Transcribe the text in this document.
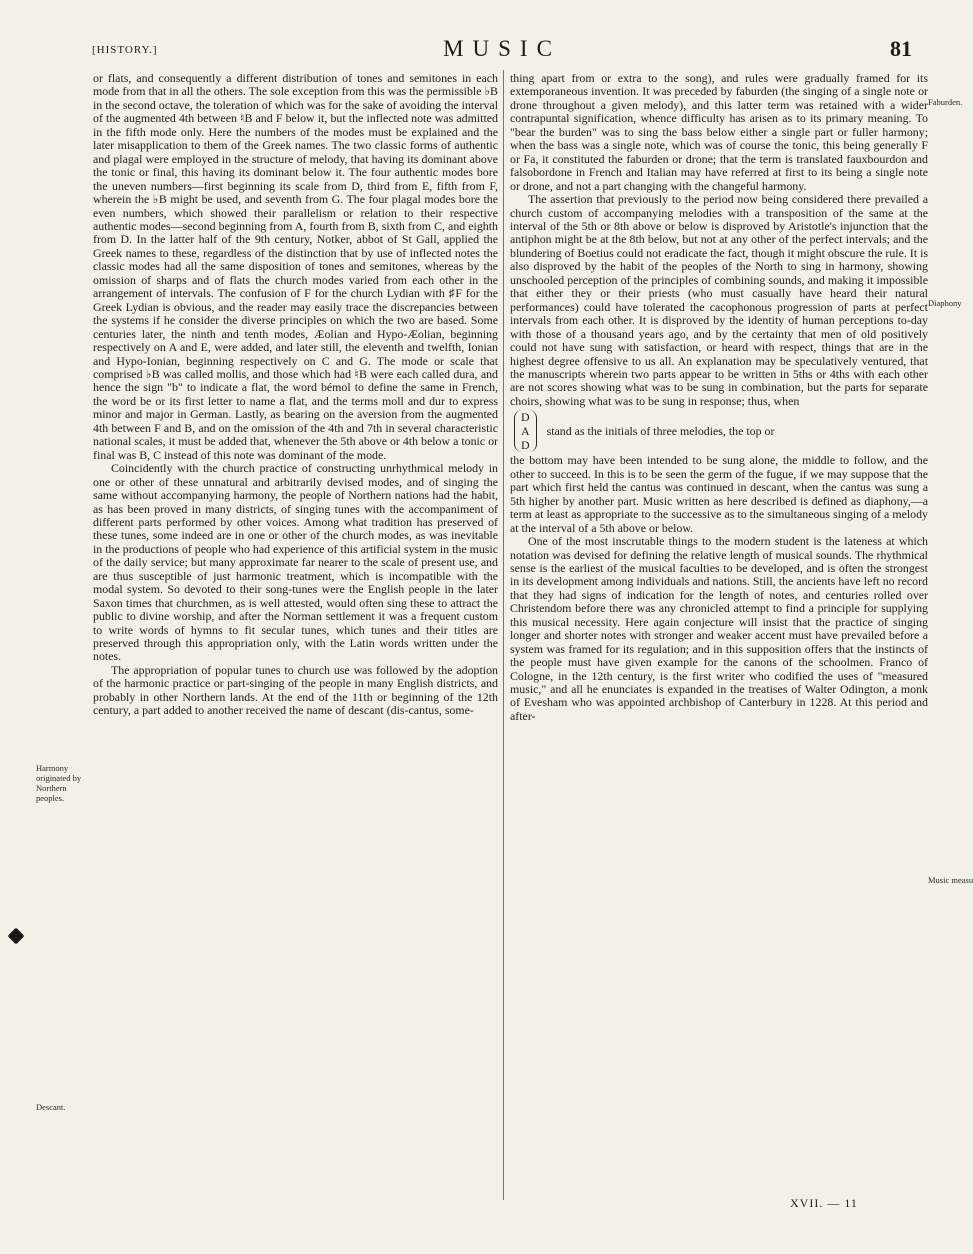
[HISTORY.]	MUSIC	81

or flats, and consequently a different distribution of tones and semitones in each mode from that in all the others. The sole exception from this was the permissible ♭B in the second octave, the toleration of which was for the sake of avoiding the interval of the augmented 4th between ♮B and F below it, but the inflected note was admitted in the fifth mode only. Here the numbers of the modes must be explained and the later misapplication to them of the Greek names. The two classic forms of authentic and plagal were employed in the structure of melody, that having its dominant above the tonic or final, this having its dominant below it. The four authentic modes bore the uneven numbers—first beginning its scale from D, third from E, fifth from F, wherein the ♭B might be used, and seventh from G. The four plagal modes bore the even numbers, which showed their parallelism or relation to their respective authentic modes—second beginning from A, fourth from B, sixth from C, and eighth from D. In the latter half of the 9th century, Notker, abbot of St Gall, applied the Greek names to these, regardless of the distinction that by use of inflected notes the classic modes had all the same disposition of tones and semitones, whereas by the omission of sharps and of flats the church modes varied from each other in the arrangement of intervals. The confusion of F for the church Lydian with ♯F for the Greek Lydian is obvious, and the reader may easily trace the discrepancies between the systems if he consider the diverse principles on which the two are based. Some centuries later, the ninth and tenth modes, Æolian and Hypo-Æolian, beginning respectively on A and E, were added, and later still, the eleventh and twelfth, Ionian and Hypo-Ionian, beginning respectively on C and G. The mode or scale that comprised ♭B was called mollis, and those which had ♮B were each called dura, and hence the sign "b" to indicate a flat, the word bémol to define the same in French, the word be or its first letter to name a flat, and the terms moll and dur to express minor and major in German. Lastly, as bearing on the aversion from the augmented 4th between F and B, and on the omission of the 4th and 7th in several characteristic national scales, it must be added that, whenever the 5th above or 4th below a tonic or final was B, C instead of this note was dominant of the mode.

Coincidently with the church practice of constructing unrhythmical melody in one or other of these unnatural and arbitrarily devised modes, and of singing the same without accompanying harmony, the people of Northern nations had the habit, as has been proved in many districts, of singing tunes with the accompaniment of different parts performed by other voices. Among what tradition has preserved of these tunes, some indeed are in one or other of the church modes, as was inevitable in the productions of people who had experience of this artificial system in the music of the daily service; but many approximate far nearer to the scale of present use, and are thus susceptible of just harmonic treatment, which is incompatible with the modal system. So devoted to their song-tunes were the English people in the later Saxon times that churchmen, as is well attested, would often sing these to attract the public to divine worship, and after the Norman settlement it was a frequent custom to write words of hymns to fit secular tunes, which tunes and their titles are preserved through this appropriation only, with the Latin words written under the notes.

The appropriation of popular tunes to church use was followed by the adoption of the harmonic practice or part-singing of the people in many English districts, and probably in other Northern lands. At the end of the 11th or beginning of the 12th century, a part added to another received the name of descant (dis-cantus, some-

thing apart from or extra to the song), and rules were gradually framed for its extemporaneous invention. It was preceded by faburden (the singing of a single note or drone throughout a given melody), and this latter term was retained with a wider contrapuntal signification, whence difficulty has arisen as to its primary meaning. To "bear the burden" was to sing the bass below either a single part or fuller harmony; when the bass was a single note, which was of course the tonic, this being generally F or Fa, it constituted the faburden or drone; that the term is translated fauxbourdon and falsobordone in French and Italian may have referred at first to its being a single note or drone, and not a part changing with the changeful harmony.

The assertion that previously to the period now being considered there prevailed a church custom of accompanying melodies with a transposition of the same at the interval of the 5th or 8th above or below is disproved by Aristotle's injunction that the antiphon might be at the 8th below, but not at any other of the perfect intervals; and the blundering of Boetius could not eradicate the fact, though it might obscure the rule. It is also disproved by the habit of the peoples of the North to sing in harmony, showing unschooled perception of the principles of combining sounds, and making it impossible that either they or their priests (who must casually have heard their natural performances) could have tolerated the cacophonous progression of parts at perfect intervals from each other. It is disproved by the identity of human perceptions to-day with those of a thousand years ago, and by the certainty that men of old positively could not have sung with satisfaction, or heard with respect, things that are in the highest degree offensive to us all. An explanation may be speculatively ventured, that the manuscripts wherein two parts appear to be written in 5ths or 4ths with each other are not scores showing what was to be sung in combination, but the parts for separate choirs, showing what was to be sung in response; thus, when

D
A
D
stand as the initials of three melodies, the top or

the bottom may have been intended to be sung alone, the middle to follow, and the other to succeed. In this is to be seen the germ of the fugue, if we may suppose that the part which first held the cantus was continued in descant, when the cantus was sung a 5th higher by another part. Music written as here described is defined as diaphony,—a term at least as appropriate to the successive as to the simultaneous singing of a melody at the interval of a 5th above or below.

One of the most inscrutable things to the modern student is the lateness at which notation was devised for defining the relative length of musical sounds. The rhythmical sense is the earliest of the musical faculties to be developed, and is often the strongest in its development among individuals and nations. Still, the ancients have left no record that they had signs of indication for the length of notes, and centuries rolled over Christendom before there was any chronicled attempt to find a principle for supplying this musical necessity. Here again conjecture will insist that the practice of singing longer and shorter notes with stronger and weaker accent must have prevailed before a system was framed for its regulation; and in this supposition offers that the instincts of the people must have given example for the canons of the schoolmen. Franco of Cologne, in the 12th century, is the first writer who codified the uses of "measured music," and all he enunciates is expanded in the treatises of Walter Odington, a monk of Evesham who was appointed archbishop of Canterbury in 1228. At this period and after-

Harmony originated by Northern peoples.
Descant.
Faburden.
Diaphony
Music measu
XVII. — 11
